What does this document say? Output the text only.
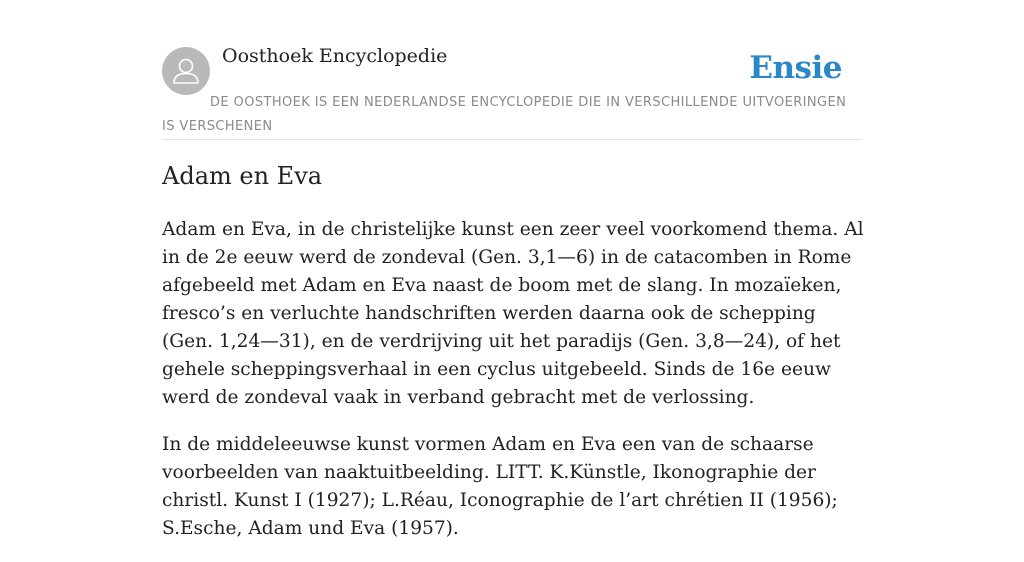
Oosthoek Encyclopedie	Ensie
DE OOSTHOEK IS EEN NEDERLANDSE ENCYCLOPEDIE DIE IN VERSCHILLENDE UITVOERINGEN IS VERSCHENEN
Adam en Eva

Adam en Eva, in de christelijke kunst een zeer veel voorkomend thema. Al in de 2e eeuw werd de zondeval (Gen. 3,1—6) in de catacomben in Rome afgebeeld met Adam en Eva naast de boom met de slang. In mozaïeken, fresco’s en verluchte handschriften werden daarna ook de schepping (Gen. 1,24—31), en de verdrijving uit het paradijs (Gen. 3,8—24), of het gehele scheppingsverhaal in een cyclus uitgebeeld. Sinds de 16e eeuw werd de zondeval vaak in verband gebracht met de verlossing.

In de middeleeuwse kunst vormen Adam en Eva een van de schaarse voorbeelden van naaktuitbeelding. LITT. K.Künstle, Ikonographie der christl. Kunst I (1927); L.Réau, Iconographie de l’art chrétien II (1956); S.Esche, Adam und Eva (1957).
